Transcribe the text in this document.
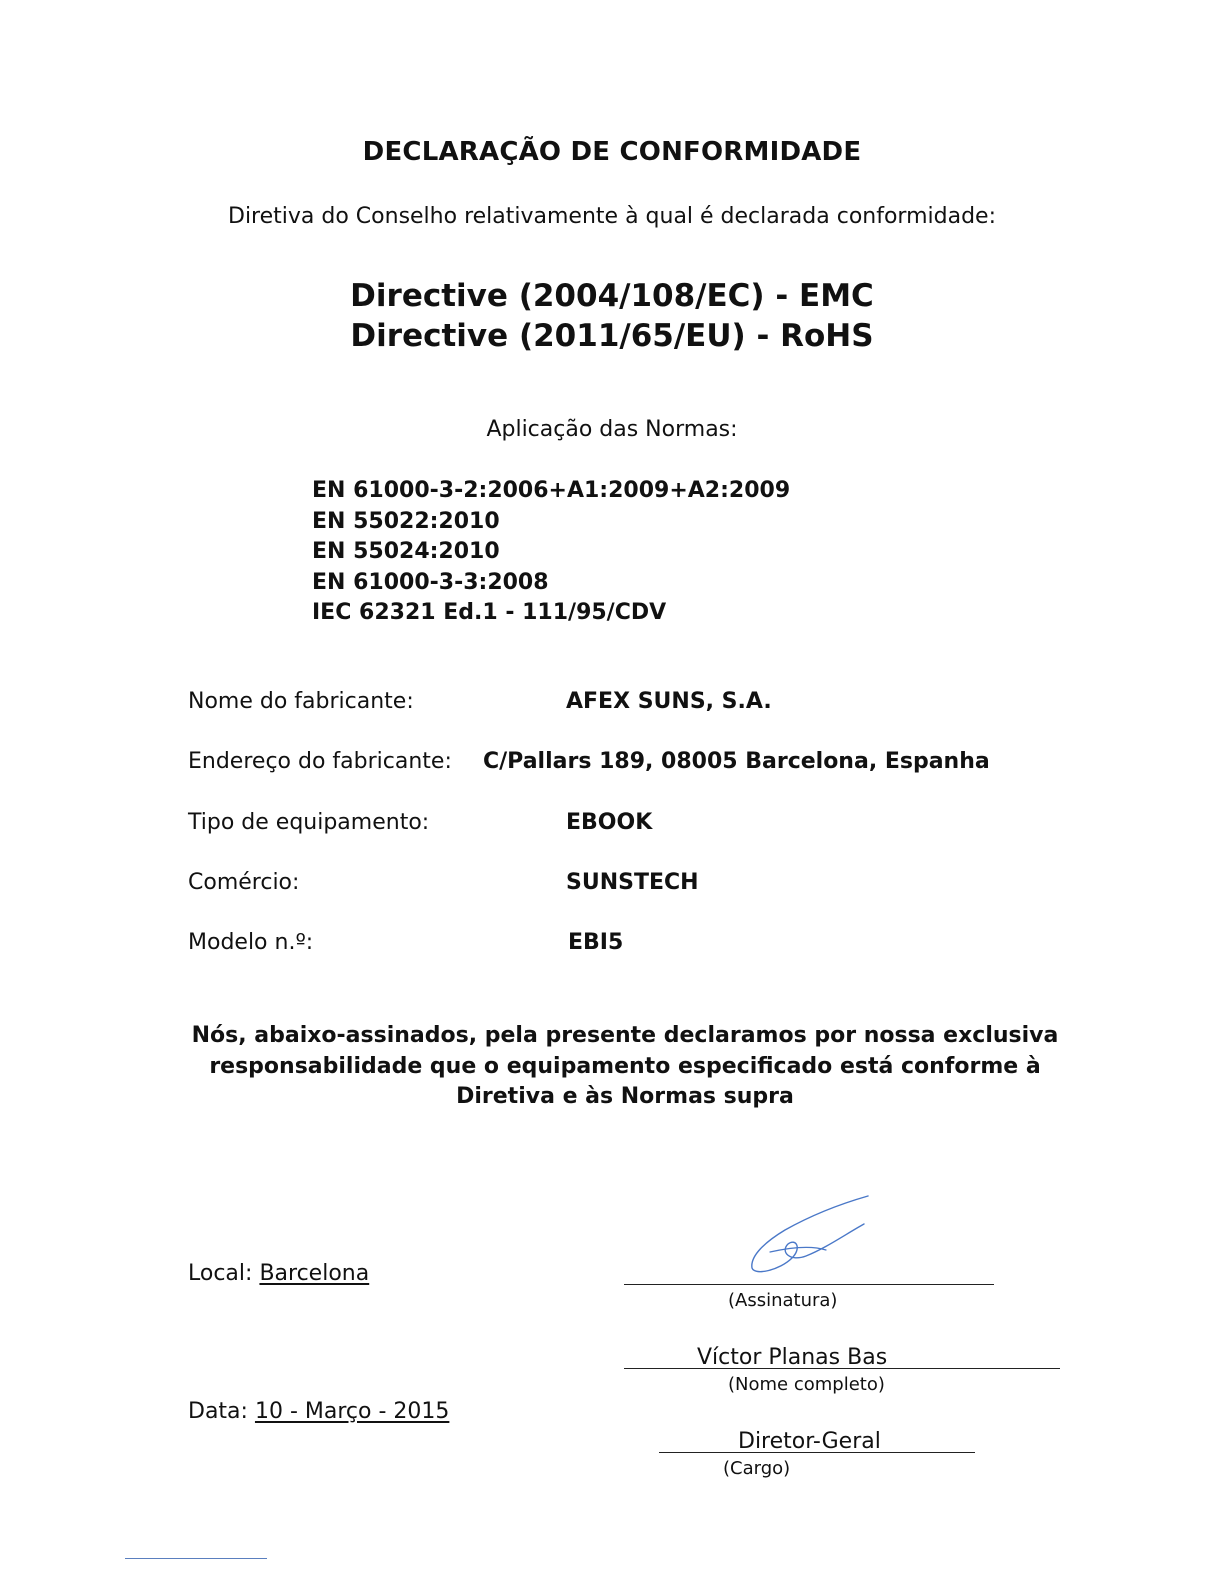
DECLARAÇÃO DE CONFORMIDADE
Diretiva do Conselho relativamente à qual é declarada conformidade:
Directive (2004/108/EC) - EMC
Directive (2011/65/EU) - RoHS
Aplicação das Normas:
EN 61000-3-2:2006+A1:2009+A2:2009
EN 55022:2010
EN 55024:2010
EN 61000-3-3:2008
IEC 62321 Ed.1 - 111/95/CDV
Nome do fabricante:	AFEX SUNS, S.A.
Endereço do fabricante: C/Pallars 189, 08005 Barcelona, Espanha
Tipo de equipamento:	EBOOK
Comércio:	SUNSTECH
Modelo n.º:	EBI5
Nós, abaixo-assinados, pela presente declaramos por nossa exclusiva responsabilidade que o equipamento especificado está conforme à Diretiva e às Normas supra
Local: Barcelona
Data: 10 - Março - 2015
(Assinatura)
Víctor Planas Bas
(Nome completo)
Diretor-Geral
(Cargo)
